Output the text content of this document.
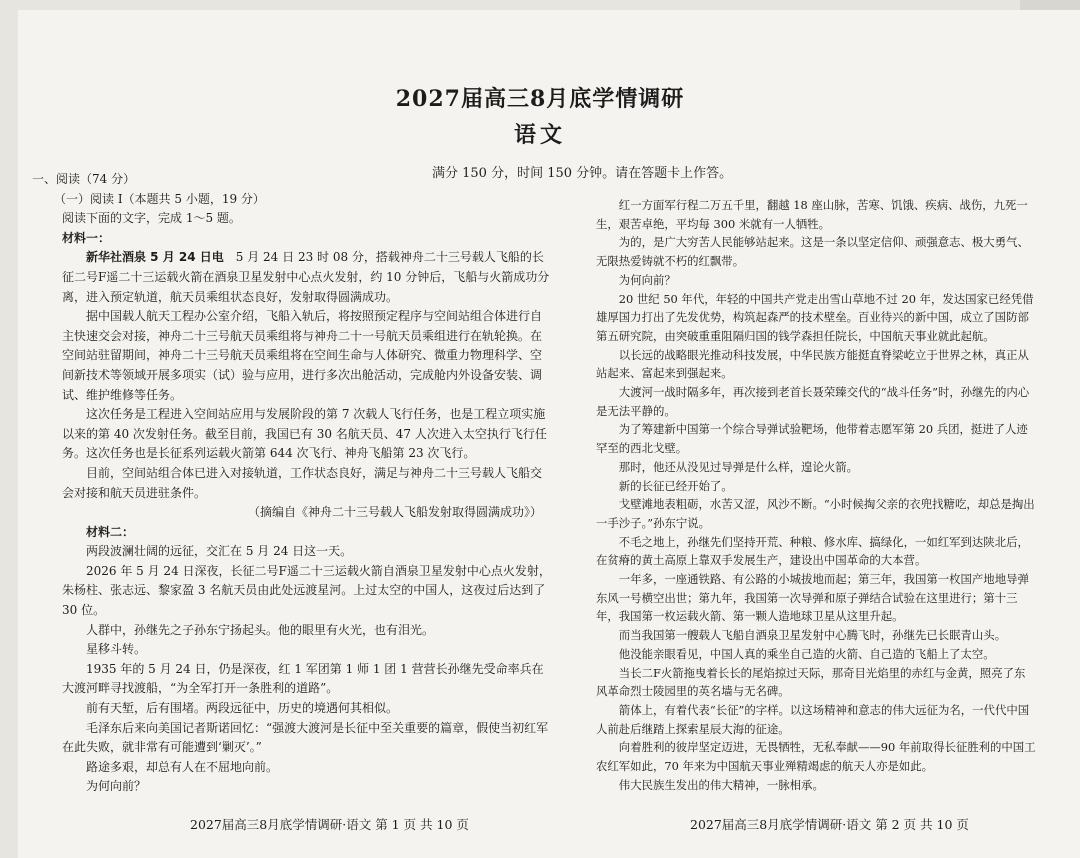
2027届高三8月底学情调研
语文
满分 150 分，时间 150 分钟。请在答题卡上作答。

一、阅读（74 分）

（一）阅读 I（本题共 5 小题，19 分）

阅读下面的文字，完成 1～5 题。

材料一：

新华社酒泉 5 月 24 日电　 5 月 24 日 23 时 08 分，搭载神舟二十三号载人飞船的长征二号F遥二十三运载火箭在酒泉卫星发射中心点火发射，约 10 分钟后，飞船与火箭成功分离，进入预定轨道，航天员乘组状态良好，发射取得圆满成功。

据中国载人航天工程办公室介绍，飞船入轨后，将按照预定程序与空间站组合体进行自主快速交会对接，神舟二十三号航天员乘组将与神舟二十一号航天员乘组进行在轨轮换。在空间站驻留期间，神舟二十三号航天员乘组将在空间生命与人体研究、微重力物理科学、空间新技术等领域开展多项实（试）验与应用，进行多次出舱活动，完成舱内外设备安装、调试、维护维修等任务。

这次任务是工程进入空间站应用与发展阶段的第 7 次载人飞行任务，也是工程立项实施以来的第 40 次发射任务。截至目前，我国已有 30 名航天员、47 人次进入太空执行飞行任务。这次任务也是长征系列运载火箭第 644 次飞行、神舟飞船第 23 次飞行。

目前，空间站组合体已进入对接轨道，工作状态良好，满足与神舟二十三号载人飞船交会对接和航天员进驻条件。

（摘编自《神舟二十三号载人飞船发射取得圆满成功》）

材料二：

两段波澜壮阔的远征，交汇在 5 月 24 日这一天。

2026 年 5 月 24 日深夜，长征二号F遥二十三运载火箭自酒泉卫星发射中心点火发射，朱杨柱、张志远、黎家盈 3 名航天员由此处远渡星河。上过太空的中国人，这夜过后达到了 30 位。

人群中，孙继先之子孙东宁扬起头。他的眼里有火光，也有泪光。

星移斗转。

1935 年的 5 月 24 日，仍是深夜，红 1 军团第 1 师 1 团 1 营营长孙继先受命率兵在大渡河畔寻找渡船，“为全军打开一条胜利的道路”。

前有天堑，后有围堵。两段远征中，历史的境遇何其相似。

毛泽东后来向美国记者斯诺回忆：“强渡大渡河是长征中至关重要的篇章，假使当初红军在此失败，就非常有可能遭到‘剿灭’。”

路途多艰，却总有人在不屈地向前。

为何向前？

红一方面军行程二万五千里，翻越 18 座山脉，苦寒、饥饿、疾病、战伤，九死一生，艰苦卓绝，平均每 300 米就有一人牺牲。

为的，是广大穷苦人民能够站起来。这是一条以坚定信仰、顽强意志、极大勇气、无限热爱铸就不朽的红飘带。

为何向前？

20 世纪 50 年代，年轻的中国共产党走出雪山草地不过 20 年，发达国家已经凭借雄厚国力打出了先发优势，构筑起森严的技术壁垒。百业待兴的新中国，成立了国防部第五研究院，由突破重重阻隔归国的钱学森担任院长，中国航天事业就此起航。

以长远的战略眼光推动科技发展，中华民族方能挺直脊梁屹立于世界之林，真正从站起来、富起来到强起来。

大渡河一战时隔多年，再次接到老首长聂荣臻交代的“战斗任务”时，孙继先的内心是无法平静的。

为了筹建新中国第一个综合导弹试验靶场，他带着志愿军第 20 兵团，挺进了人迹罕至的西北戈壁。

那时，他还从没见过导弹是什么样，遑论火箭。

新的长征已经开始了。

戈壁滩地表粗砺，水苦又涩，风沙不断。“小时候掏父亲的衣兜找糖吃，却总是掏出一手沙子。”孙东宁说。

不毛之地上，孙继先们坚持开荒、种粮、修水库、搞绿化，一如红军到达陕北后，在贫瘠的黄土高原上靠双手发展生产，建设出中国革命的大本营。

一年多，一座通铁路、有公路的小城拔地而起；第三年，我国第一枚国产地地导弹东风一号横空出世；第九年，我国第一次导弹和原子弹结合试验在这里进行；第十三年，我国第一枚运载火箭、第一颗人造地球卫星从这里升起。

而当我国第一艘载人飞船自酒泉卫星发射中心腾飞时，孙继先已长眠青山头。

他没能亲眼看见，中国人真的乘坐自己造的火箭、自己造的飞船上了太空。

当长二F火箭拖曳着长长的尾焰掠过天际，那奇目光焰里的赤红与金黄，照亮了东风革命烈士陵园里的英名墙与无名碑。

箭体上，有着代表“长征”的字样。以这场精神和意志的伟大远征为名，一代代中国人前赴后继踏上探索星辰大海的征途。

向着胜利的彼岸坚定迈进，无畏牺牲，无私奉献——90 年前取得长征胜利的中国工农红军如此，70 年来为中国航天事业殚精竭虑的航天人亦是如此。

伟大民族生发出的伟大精神，一脉相承。

2027届高三8月底学情调研·语文 第 1 页 共 10 页	2027届高三8月底学情调研·语文 第 2 页 共 10 页
